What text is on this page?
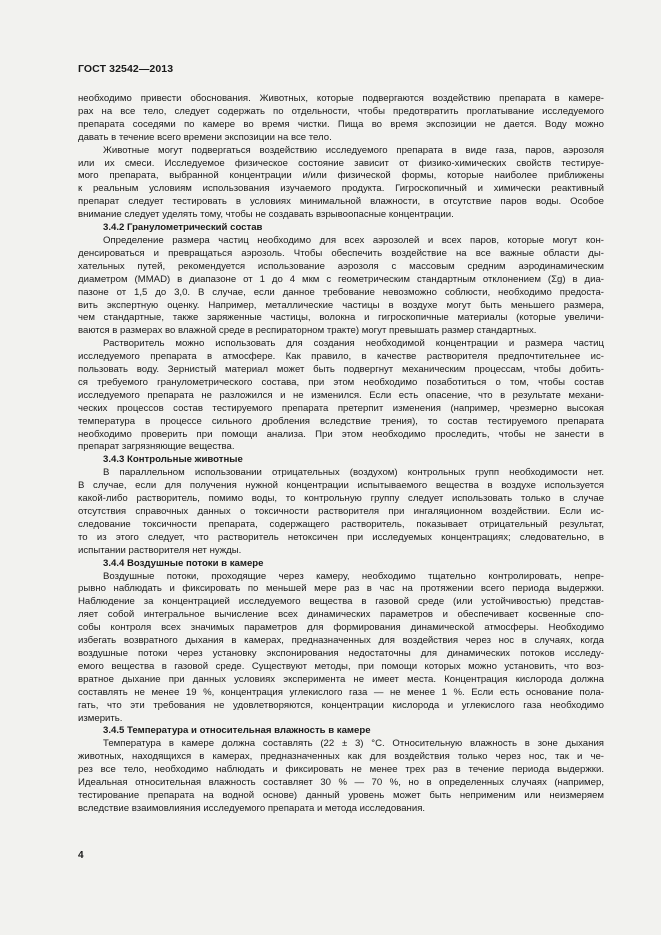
ГОСТ 32542—2013
необходимо привести обоснования. Животных, которые подвергаются воздействию препарата в камере-
рах на все тело, следует содержать по отдельности, чтобы предотвратить проглатывание исследуемого
препарата соседями по камере во время чистки. Пища во время экспозиции не дается. Воду можно
давать в течение всего времени экспозиции на все тело.
Животные могут подвергаться воздействию исследуемого препарата в виде газа, паров, аэрозоля
или их смеси. Исследуемое физическое состояние зависит от физико-химических свойств тестируе-
мого препарата, выбранной концентрации и/или физической формы, которые наиболее приближены
к реальным условиям использования изучаемого продукта. Гигроскопичный и химически реактивный
препарат следует тестировать в условиях минимальной влажности, в отсутствие паров воды. Особое
внимание следует уделять тому, чтобы не создавать взрывоопасные концентрации.
3.4.2 Гранулометрический состав
Определение размера частиц необходимо для всех аэрозолей и всех паров, которые могут кон-
денсироваться и превращаться аэрозоль. Чтобы обеспечить воздействие на все важные области ды-
хательных путей, рекомендуется использование аэрозоля с массовым средним аэродинамическим
диаметром (MMAD) в диапазоне от 1 до 4 мкм с геометрическим стандартным отклонением (Σg) в диа-
пазоне от 1,5 до 3,0. В случае, если данное требование невозможно соблюсти, необходимо предоста-
вить экспертную оценку. Например, металлические частицы в воздухе могут быть меньшего размера,
чем стандартные, также заряженные частицы, волокна и гигроскопичные материалы (которые увеличи-
ваются в размерах во влажной среде в респираторном тракте) могут превышать размер стандартных.
Растворитель можно использовать для создания необходимой концентрации и размера частиц
исследуемого препарата в атмосфере. Как правило, в качестве растворителя предпочтительнее ис-
пользовать воду. Зернистый материал может быть подвергнут механическим процессам, чтобы добить-
ся требуемого гранулометрического состава, при этом необходимо позаботиться о том, чтобы состав
исследуемого препарата не разложился и не изменился. Если есть опасение, что в результате механи-
ческих процессов состав тестируемого препарата претерпит изменения (например, чрезмерно высокая
температура в процессе сильного дробления вследствие трения), то состав тестируемого препарата
необходимо проверить при помощи анализа. При этом необходимо проследить, чтобы не занести в
препарат загрязняющие вещества.
3.4.3 Контрольные животные
В параллельном использовании отрицательных (воздухом) контрольных групп необходимости нет.
В случае, если для получения нужной концентрации испытываемого вещества в воздухе используется
какой-либо растворитель, помимо воды, то контрольную группу следует использовать только в случае
отсутствия справочных данных о токсичности растворителя при ингаляционном воздействии. Если ис-
следование токсичности препарата, содержащего растворитель, показывает отрицательный результат,
то из этого следует, что растворитель нетоксичен при исследуемых концентрациях; следовательно, в
испытании растворителя нет нужды.
3.4.4 Воздушные потоки в камере
Воздушные потоки, проходящие через камеру, необходимо тщательно контролировать, непре-
рывно наблюдать и фиксировать по меньшей мере раз в час на протяжении всего периода выдержки.
Наблюдение за концентрацией исследуемого вещества в газовой среде (или устойчивостью) представ-
ляет собой интегральное вычисление всех динамических параметров и обеспечивает косвенные спо-
собы контроля всех значимых параметров для формирования динамической атмосферы. Необходимо
избегать возвратного дыхания в камерах, предназначенных для воздействия через нос в случаях, когда
воздушные потоки через установку экспонирования недостаточны для динамических потоков исследу-
емого вещества в газовой среде. Существуют методы, при помощи которых можно установить, что воз-
вратное дыхание при данных условиях эксперимента не имеет места. Концентрация кислорода должна
составлять не менее 19 %, концентрация углекислого газа — не менее 1 %. Если есть основание пола-
гать, что эти требования не удовлетворяются, концентрации кислорода и углекислого газа необходимо
измерить.
3.4.5 Температура и относительная влажность в камере
Температура в камере должна составлять (22 ± 3) °C. Относительную влажность в зоне дыхания
животных, находящихся в камерах, предназначенных как для воздействия только через нос, так и че-
рез все тело, необходимо наблюдать и фиксировать не менее трех раз в течение периода выдержки.
Идеальная относительная влажность составляет 30 % — 70 %, но в определенных случаях (например,
тестирование препарата на водной основе) данный уровень может быть неприменим или неизмеряем
вследствие взаимовлияния исследуемого препарата и метода исследования.
4
